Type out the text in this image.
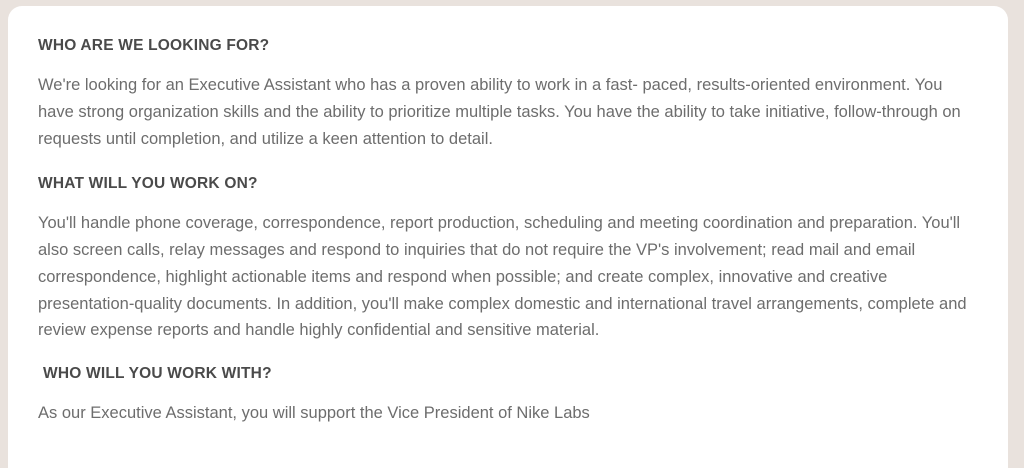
WHO ARE WE LOOKING FOR?

We're looking for an Executive Assistant who has a proven ability to work in a fast- paced, results-oriented environment. You have strong organization skills and the ability to prioritize multiple tasks. You have the ability to take initiative, follow-through on requests until completion, and utilize a keen attention to detail.

WHAT WILL YOU WORK ON?

You'll handle phone coverage, correspondence, report production, scheduling and meeting coordination and preparation. You'll also screen calls, relay messages and respond to inquiries that do not require the VP's involvement; read mail and email correspondence, highlight actionable items and respond when possible; and create complex, innovative and creative presentation-quality documents. In addition, you'll make complex domestic and international travel arrangements, complete and review expense reports and handle highly confidential and sensitive material.

WHO WILL YOU WORK WITH?

As our Executive Assistant, you will support the Vice President of Nike Labs
